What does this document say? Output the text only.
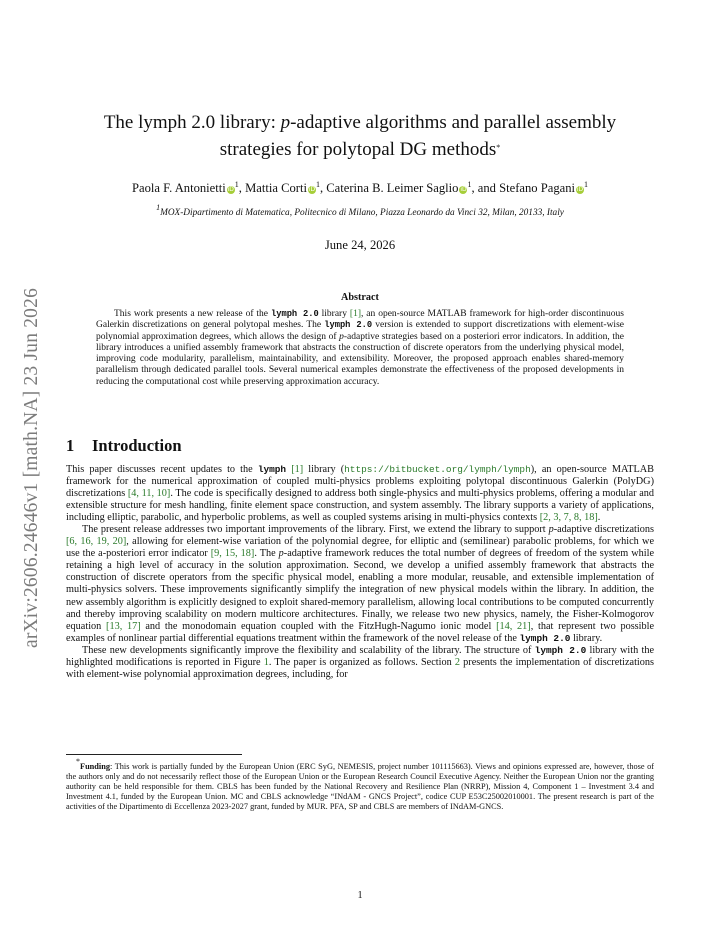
arXiv:2606.24646v1 [math.NA] 23 Jun 2026
The lymph 2.0 library: p-adaptive algorithms and parallel assembly
strategies for polytopal DG methods*
Paola F. Antonietti $iD^1$, Mattia Corti $iD^1$, Caterina B. Leimer Saglio $iD^1$, and Stefano Pagani $iD^1$
1MOX-Dipartimento di Matematica, Politecnico di Milano, Piazza Leonardo da Vinci 32, Milan, 20133, Italy
June 24, 2026
Abstract
This work presents a new release of the lymph 2.0 library [1], an open-source MATLAB framework for high-order discontinuous Galerkin discretizations on general polytopal meshes. The lymph 2.0 version is extended to support discretizations with element-wise polynomial approximation degrees, which allows the design of p-adaptive strategies based on a posteriori error indicators. In addition, the library introduces a unified assembly framework that abstracts the construction of discrete operators from the underlying physical model, improving code modularity, parallelism, maintainability, and extensibility. Moreover, the proposed approach enables shared-memory parallelism through dedicated parallel tools. Several numerical examples demonstrate the effectiveness of the proposed developments in reducing the computational cost while preserving approximation accuracy.
1 Introduction

This paper discusses recent updates to the lymph [1] library (https://bitbucket.org/lymph/lymph), an open-source MATLAB framework for the numerical approximation of coupled multi-physics problems exploiting polytopal discontinuous Galerkin (PolyDG) discretizations [4, 11, 10]. The code is specifically designed to address both single-physics and multi-physics problems, offering a modular and extensible structure for mesh handling, finite element space construction, and system assembly. The library supports a variety of applications, including elliptic, parabolic, and hyperbolic problems, as well as coupled systems arising in multi-physics contexts [2, 3, 7, 8, 18].

The present release addresses two important improvements of the library. First, we extend the library to support p-adaptive discretizations [6, 16, 19, 20], allowing for element-wise variation of the polynomial degree, for elliptic and (semilinear) parabolic problems, for which we use the a-posteriori error indicator [9, 15, 18]. The p-adaptive framework reduces the total number of degrees of freedom of the system while retaining a high level of accuracy in the solution approximation. Second, we develop a unified assembly framework that abstracts the construction of discrete operators from the specific physical model, enabling a more modular, reusable, and extensible implementation of multi-physics solvers. These improvements significantly simplify the integration of new physical models within the library. In addition, the new assembly algorithm is explicitly designed to exploit shared-memory parallelism, allowing local contributions to be computed concurrently and thereby improving scalability on modern multicore architectures. Finally, we release two new physics, namely, the Fisher-Kolmogorov equation [13, 17] and the monodomain equation coupled with the FitzHugh-Nagumo ionic model [14, 21], that represent two possible examples of nonlinear partial differential equations treatment within the framework of the novel release of the lymph 2.0 library.

These new developments significantly improve the flexibility and scalability of the library. The structure of lymph 2.0 library with the highlighted modifications is reported in Figure 1. The paper is organized as follows. Section 2 presents the implementation of discretizations with element-wise polynomial approximation degrees, including, for

*Funding: This work is partially funded by the European Union (ERC SyG, NEMESIS, project number 101115663). Views and opinions expressed are, however, those of the authors only and do not necessarily reflect those of the European Union or the European Research Council Executive Agency. Neither the European Union nor the granting authority can be held responsible for them. CBLS has been funded by the National Recovery and Resilience Plan (NRRP), Mission 4, Component 1 – Investment 3.4 and Investment 4.1, funded by the European Union. MC and CBLS acknowledge “INdAM - GNCS Project”, codice CUP E53C25002010001. The present research is part of the activities of the Dipartimento di Eccellenza 2023-2027 grant, funded by MUR. PFA, SP and CBLS are members of INdAM-GNCS.
1
